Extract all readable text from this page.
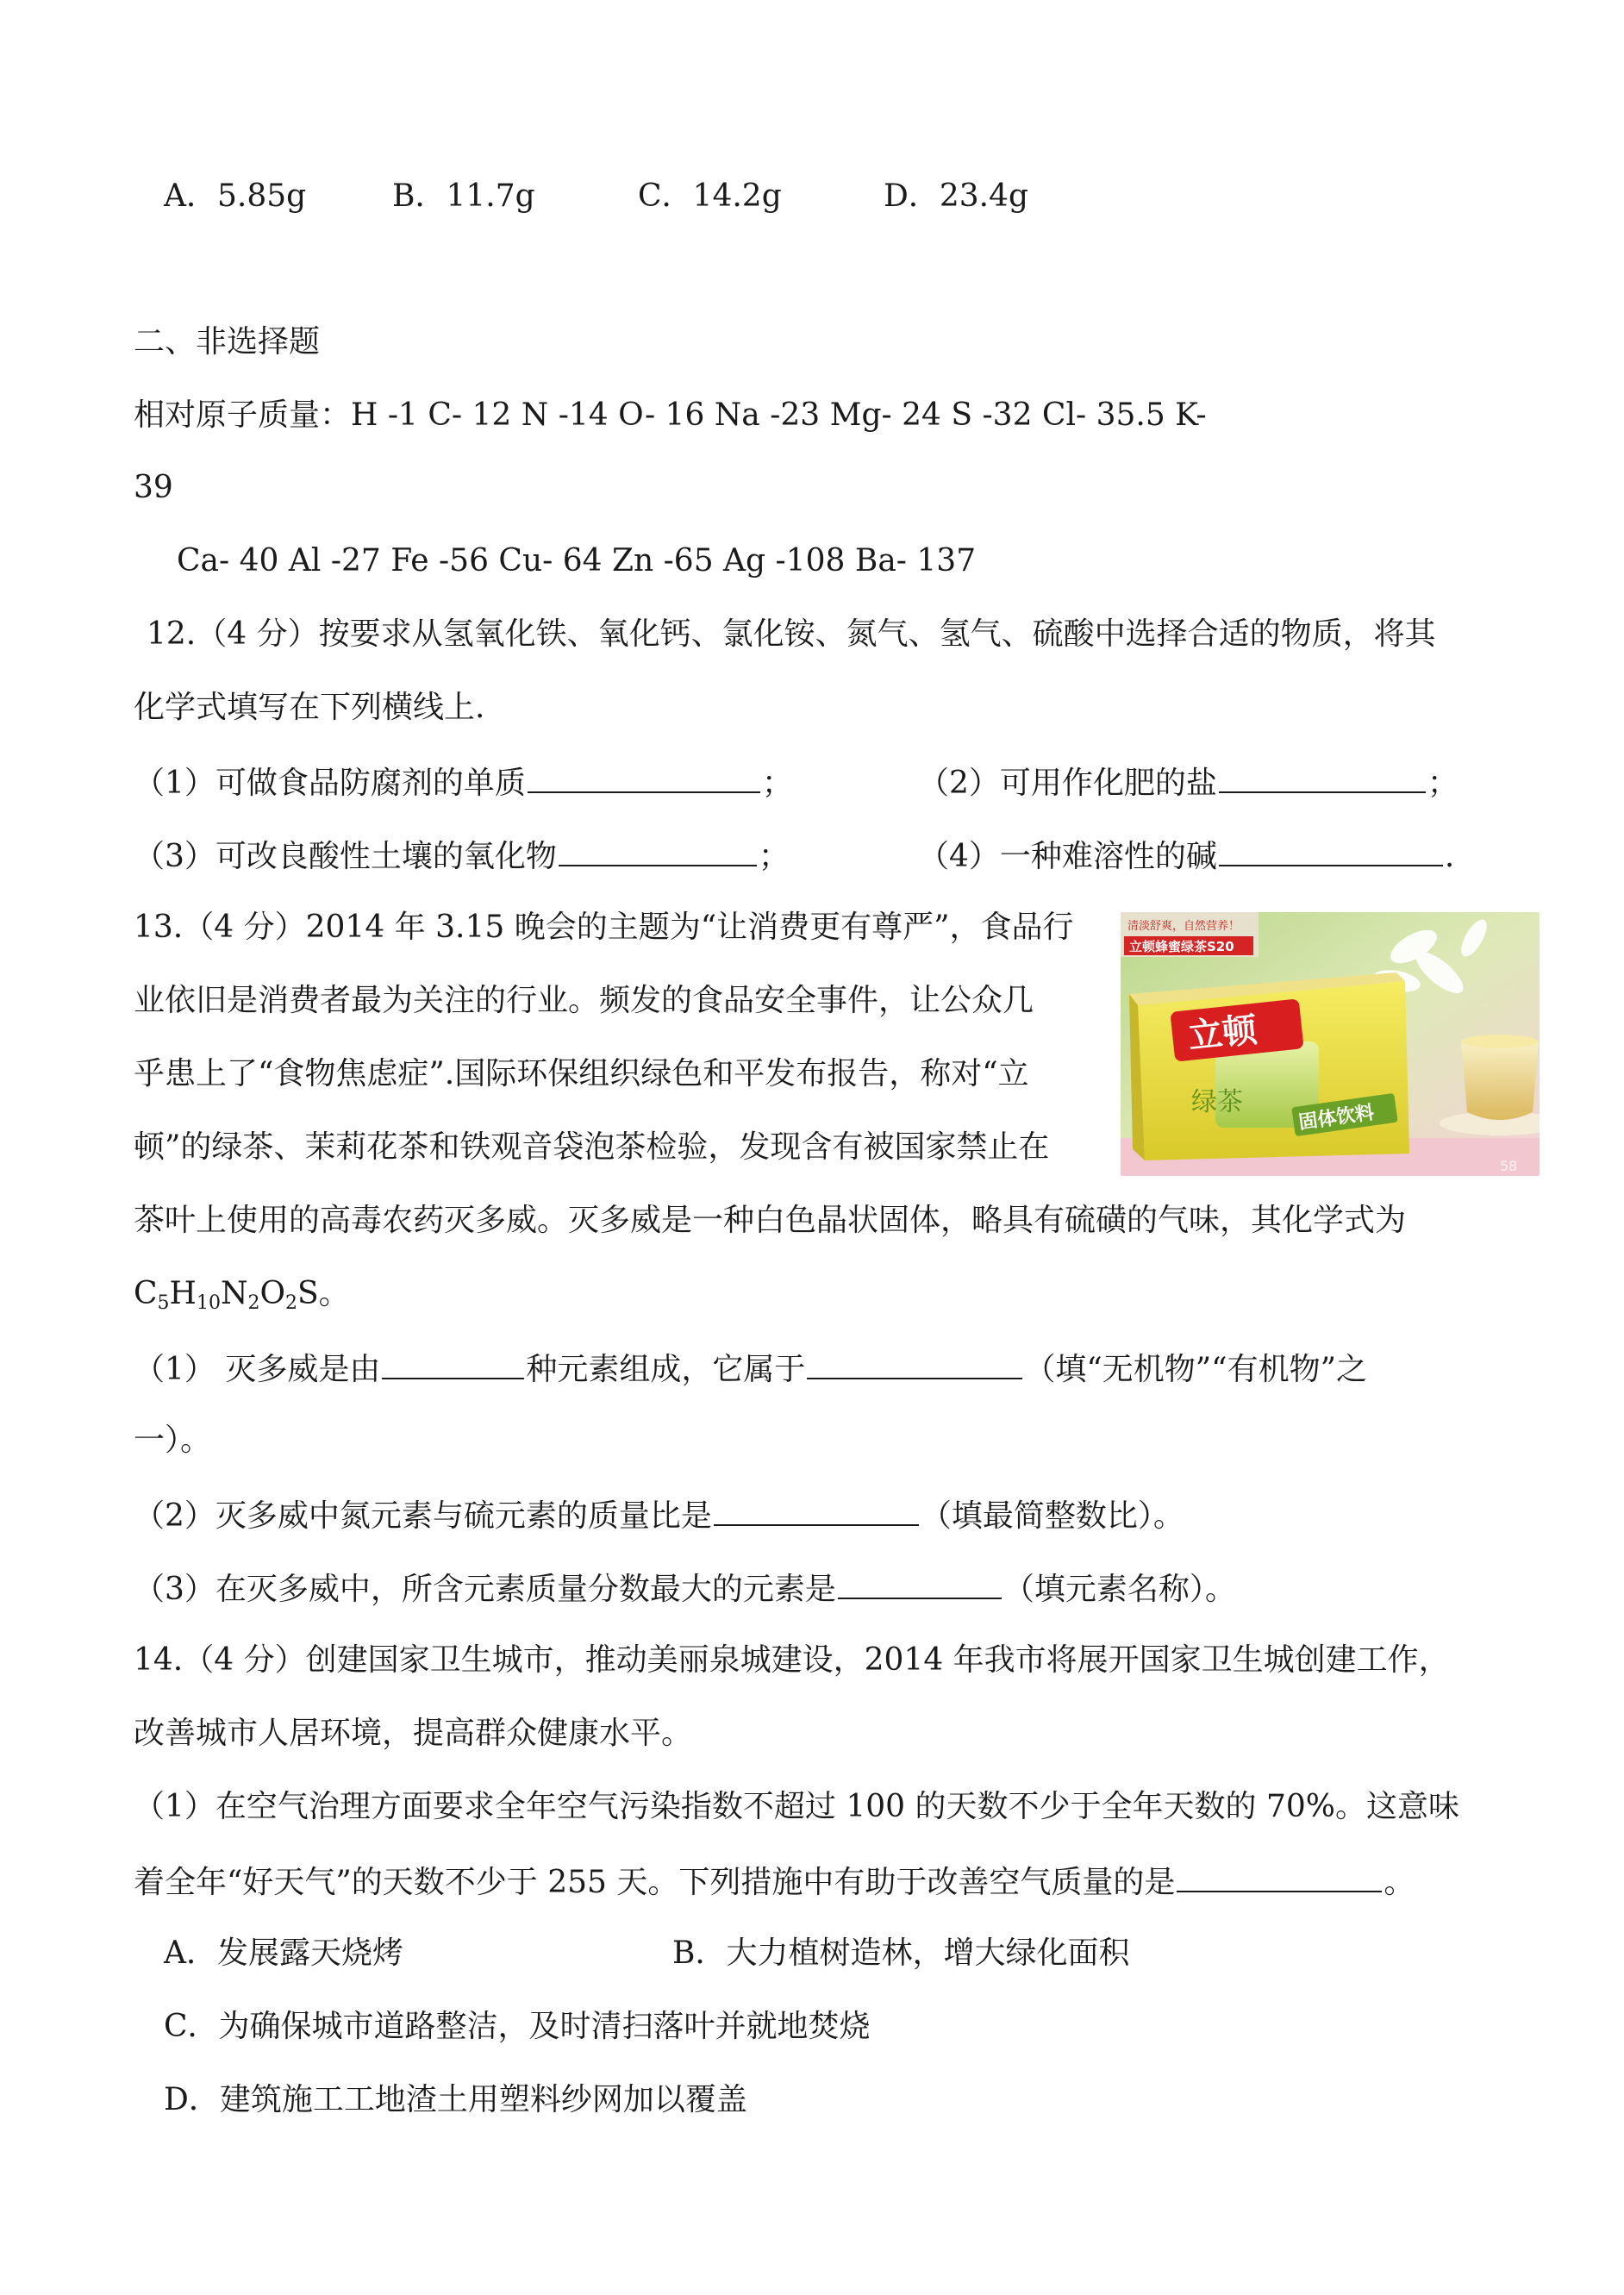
A．5.85g	B．11.7g	C．14.2g	D．23.4g
二、非选择题
相对原子质量：H -1 C- 12 N -14 O- 16 Na -23 Mg- 24 S -32 Cl- 35.5 K-
39
Ca- 40 Al -27 Fe -56 Cu- 64 Zn -65 Ag -108 Ba- 137
12.（4 分）按要求从氢氧化铁、氧化钙、氯化铵、氮气、氢气、硫酸中选择合适的物质，将其
化学式填写在下列横线上.
（1）可做食品防腐剂的单质	；	（2）可用作化肥的盐	；
（3）可改良酸性土壤的氧化物	；	（4）一种难溶性的碱	.
13.（4 分）2014 年 3.15 晚会的主题为“让消费更有尊严”，食品行
业依旧是消费者最为关注的行业。频发的食品安全事件，让公众几
乎患上了“食物焦虑症”.国际环保组织绿色和平发布报告，称对“立
顿”的绿茶、茉莉花茶和铁观音袋泡茶检验，发现含有被国家禁止在
茶叶上使用的高毒农药灭多威。灭多威是一种白色晶状固体，略具有硫磺的气味，其化学式为
$C_5H_{10}N_2O_2S$。
（1） 灭多威是由	种元素组成，它属于	（填“无机物”“有机物”之
一）。
（2）灭多威中氮元素与硫元素的质量比是	（填最简整数比）。
（3）在灭多威中，所含元素质量分数最大的元素是	（填元素名称）。
清淡舒爽，自然营养！
立顿蜂蜜绿茶S20
立顿
绿茶	固体饮料
58
14.（4 分）创建国家卫生城市，推动美丽泉城建设，2014 年我市将展开国家卫生城创建工作，
改善城市人居环境，提高群众健康水平。
（1）在空气治理方面要求全年空气污染指数不超过 100 的天数不少于全年天数的 70%。这意味
着全年“好天气”的天数不少于 255 天。下列措施中有助于改善空气质量的是	。
A．发展露天烧烤	B．大力植树造林，增大绿化面积
C．为确保城市道路整洁，及时清扫落叶并就地焚烧
D．建筑施工工地渣土用塑料纱网加以覆盖
